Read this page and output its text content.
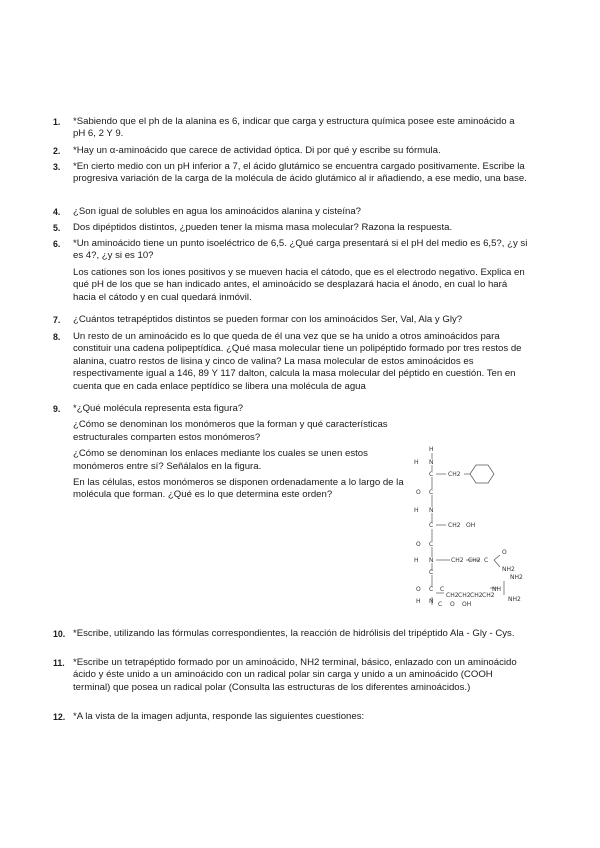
1. *Sabiendo que el ph de la alanina es 6, indicar que carga y estructura química posee este aminoácido a pH 6, 2 Y 9.

2. *Hay un α-aminoácido que carece de actividad óptica. Di por qué y escribe su fórmula.

3. *En cierto medio con un pH inferior a 7, el ácido glutámico se encuentra cargado positivamente. Escribe la progresiva variación de la carga de la molécula de ácido glutámico al ir añadiendo, a ese medio, una base.

4. ¿Son igual de solubles en agua los aminoácidos alanina y cisteína?

5. Dos dipéptidos distintos, ¿pueden tener la misma masa molecular? Razona la respuesta.

6. *Un aminoácido tiene un punto isoeléctrico de 6,5. ¿Qué carga presentará si el pH del medio es 6,5?, ¿y si es 4?, ¿y si es 10?

Los cationes son los iones positivos y se mueven hacia el cátodo, que es el electrodo negativo. Explica en qué pH de los que se han indicado antes, el aminoácido se desplazará hacia el ánodo, en cual lo hará hacia el cátodo y en cual quedará inmóvil.

7. ¿Cuántos tetrapéptidos distintos se pueden formar con los aminoácidos Ser, Val, Ala y Gly?

8. Un resto de un aminoácido es lo que queda de él una vez que se ha unido a otros aminoácidos para constituir una cadena polipeptídica. ¿Qué masa molecular tiene un polipéptido formado por tres restos de alanina, cuatro restos de lisina y cinco de valina? La masa molecular de estos aminoácidos es respectivamente igual a 146, 89 Y 117 dalton, calcula la masa molecular del péptido en cuestión. Ten en cuenta que en cada enlace peptídico se libera una molécula de agua

9. *¿Qué molécula representa esta figura?

¿Cómo se denominan los monómeros que la forman y qué características estructurales comparten estos monómeros?

¿Cómo se denominan los enlaces mediante los cuales se unen estos monómeros entre sí? Señálalos en la figura.

En las células, estos monómeros se disponen ordenadamente a lo largo de la molécula que forman. ¿Qué es lo que determina este orden?

H
N
H
C CH2
C
O
N
H
C CH2 OH
C
O
N
H
C
CH2 CH2 C
O
NH2
C
O
N
H
C
CH2 CH2 CH2 CH2
NH2
C O OH
NH
NH2
10. *Escribe, utilizando las fórmulas correspondientes, la reacción de hidrólisis del tripéptido Ala - Gly - Cys.

11. *Escribe un tetrapéptido formado por un aminoácido, NH2 terminal, básico, enlazado con un aminoácido ácido y éste unido a un aminoácido con un radical polar sin carga y unido a un aminoácido (COOH terminal) que posea un radical polar (Consulta las estructuras de los diferentes aminoácidos.)

12. *A la vista de la imagen adjunta, responde las siguientes cuestiones:
